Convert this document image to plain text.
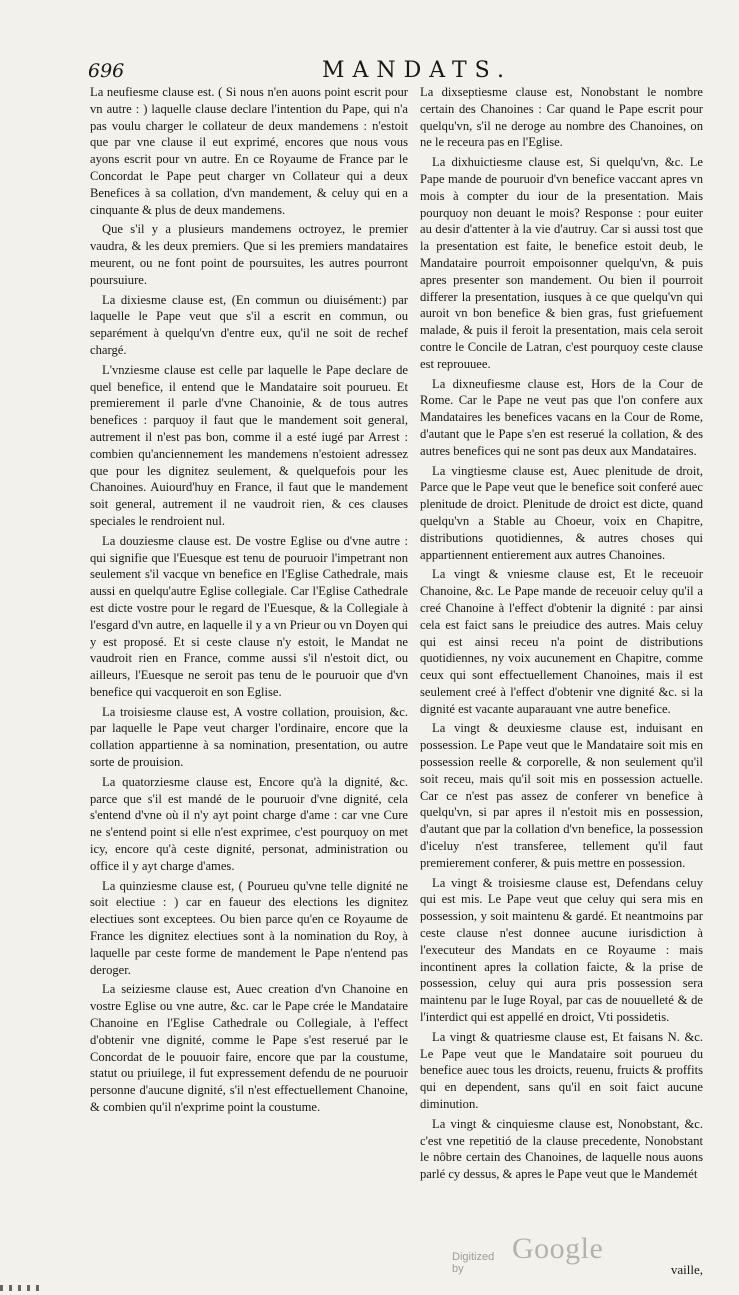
696	MANDATS.

La neufiesme clause est. ( Si nous n'en auons point escrit pour vn autre : ) laquelle clause declare l'intention du Pape, qui n'a pas voulu charger le collateur de deux mandemens : n'estoit que par vne clause il eut exprimé, encores que nous vous ayons escrit pour vn autre. En ce Royaume de France par le Concordat le Pape peut charger vn Collateur qui a deux Benefices à sa collation, d'vn mandement, & celuy qui en a cinquante & plus de deux mandemens.

Que s'il y a plusieurs mandemens octroyez, le premier vaudra, & les deux premiers. Que si les premiers mandataires meurent, ou ne font point de poursuites, les autres pourront poursuiure.

La dixiesme clause est, (En commun ou diuisément:) par laquelle le Pape veut que s'il a escrit en commun, ou separément à quelqu'vn d'entre eux, qu'il ne soit de rechef chargé.

L'vnziesme clause est celle par laquelle le Pape declare de quel benefice, il entend que le Mandataire soit pourueu. Et premierement il parle d'vne Chanoinie, & de tous autres benefices : parquoy il faut que le mandement soit general, autrement il n'est pas bon, comme il a esté iugé par Arrest : combien qu'anciennement les mandemens n'estoient adressez que pour les dignitez seulement, & quelquefois pour les Chanoines. Auiourd'huy en France, il faut que le mandement soit general, autrement il ne vaudroit rien, & ces clauses speciales le rendroient nul.

La douziesme clause est. De vostre Eglise ou d'vne autre : qui signifie que l'Euesque est tenu de pouruoir l'impetrant non seulement s'il vacque vn benefice en l'Eglise Cathedrale, mais aussi en quelqu'autre Eglise collegiale. Car l'Eglise Cathedrale est dicte vostre pour le regard de l'Euesque, & la Collegiale à l'esgard d'vn autre, en laquelle il y a vn Prieur ou vn Doyen qui y est proposé. Et si ceste clause n'y estoit, le Mandat ne vaudroit rien en France, comme aussi s'il n'estoit dict, ou ailleurs, l'Euesque ne seroit pas tenu de le pouruoir que d'vn benefice qui vacqueroit en son Eglise.

La troisiesme clause est, A vostre collation, prouision, &c. par laquelle le Pape veut charger l'ordinaire, encore que la collation appartienne à sa nomination, presentation, ou autre sorte de prouision.

La quatorziesme clause est, Encore qu'à la dignité, &c. parce que s'il est mandé de le pouruoir d'vne dignité, cela s'entend d'vne où il n'y ayt point charge d'ame : car vne Cure ne s'entend point si elle n'est exprimee, c'est pourquoy on met icy, encore qu'à ceste dignité, personat, administration ou office il y ayt charge d'ames.

La quinziesme clause est, ( Pourueu qu'vne telle dignité ne soit electiue : ) car en faueur des elections les dignitez electiues sont exceptees. Ou bien parce qu'en ce Royaume de France les dignitez electiues sont à la nomination du Roy, à laquelle par ceste forme de mandement le Pape n'entend pas deroger.

La seiziesme clause est, Auec creation d'vn Chanoine en vostre Eglise ou vne autre, &c. car le Pape crée le Mandataire Chanoine en l'Eglise Cathedrale ou Collegiale, à l'effect d'obtenir vne dignité, comme le Pape s'est reserué par le Concordat de le pouuoir faire, encore que par la coustume, statut ou priuilege, il fut expressement defendu de ne pouruoir personne d'aucune dignité, s'il n'est effectuellement Chanoine, & combien qu'il n'exprime point la coustume.

La dixseptiesme clause est, Nonobstant le nombre certain des Chanoines : Car quand le Pape escrit pour quelqu'vn, s'il ne deroge au nombre des Chanoines, on ne le receura pas en l'Eglise.

La dixhuictiesme clause est, Si quelqu'vn, &c. Le Pape mande de pouruoir d'vn benefice vaccant apres vn mois à compter du iour de la presentation. Mais pourquoy non deuant le mois? Response : pour euiter au desir d'attenter à la vie d'autruy. Car si aussi tost que la presentation est faite, le benefice estoit deub, le Mandataire pourroit empoisonner quelqu'vn, & puis apres presenter son mandement. Ou bien il pourroit differer la presentation, iusques à ce que quelqu'vn qui auroit vn bon benefice & bien gras, fust griefuement malade, & puis il feroit la presentation, mais cela seroit contre le Concile de Latran, c'est pourquoy ceste clause est reprouuee.

La dixneufiesme clause est, Hors de la Cour de Rome. Car le Pape ne veut pas que l'on confere aux Mandataires les benefices vacans en la Cour de Rome, d'autant que le Pape s'en est reserué la collation, & des autres benefices qui ne sont pas deux aux Mandataires.

La vingtiesme clause est, Auec plenitude de droit, Parce que le Pape veut que le benefice soit conferé auec plenitude de droict. Plenitude de droict est dicte, quand quelqu'vn a Stable au Choeur, voix en Chapitre, distributions quotidiennes, & autres choses qui appartiennent entierement aux autres Chanoines.

La vingt & vniesme clause est, Et le receuoir Chanoine, &c. Le Pape mande de receuoir celuy qu'il a creé Chanoine à l'effect d'obtenir la dignité : par ainsi cela est faict sans le preiudice des autres. Mais celuy qui est ainsi receu n'a point de distributions quotidiennes, ny voix aucunement en Chapitre, comme ceux qui sont effectuellement Chanoines, mais il est seulement creé à l'effect d'obtenir vne dignité &c. si la dignité est vacante auparauant vne autre benefice.

La vingt & deuxiesme clause est, induisant en possession. Le Pape veut que le Mandataire soit mis en possession reelle & corporelle, & non seulement qu'il soit receu, mais qu'il soit mis en possession actuelle. Car ce n'est pas assez de conferer vn benefice à quelqu'vn, si par apres il n'estoit mis en possession, d'autant que par la collation d'vn benefice, la possession d'iceluy n'est transferee, tellement qu'il faut premierement conferer, & puis mettre en possession.

La vingt & troisiesme clause est, Defendans celuy qui est mis. Le Pape veut que celuy qui sera mis en possession, y soit maintenu & gardé. Et neantmoins par ceste clause n'est donnee aucune iurisdiction à l'executeur des Mandats en ce Royaume : mais incontinent apres la collation faicte, & la prise de possession, celuy qui aura pris possession sera maintenu par le Iuge Royal, par cas de nouuelleté & de l'interdict qui est appellé en droict, Vti possidetis.

La vingt & quatriesme clause est, Et faisans N. &c. Le Pape veut que le Mandataire soit pourueu du benefice auec tous les droicts, reuenu, fruicts & proffits qui en dependent, sans qu'il en soit faict aucune diminution.

La vingt & cinquiesme clause est, Nonobstant, &c. c'est vne repetitió de la clause precedente, Nonobstant le nôbre certain des Chanoines, de laquelle nous auons parlé cy dessus, & apres le Pape veut que le Mandemét

Digitized by
Google
vaille,
